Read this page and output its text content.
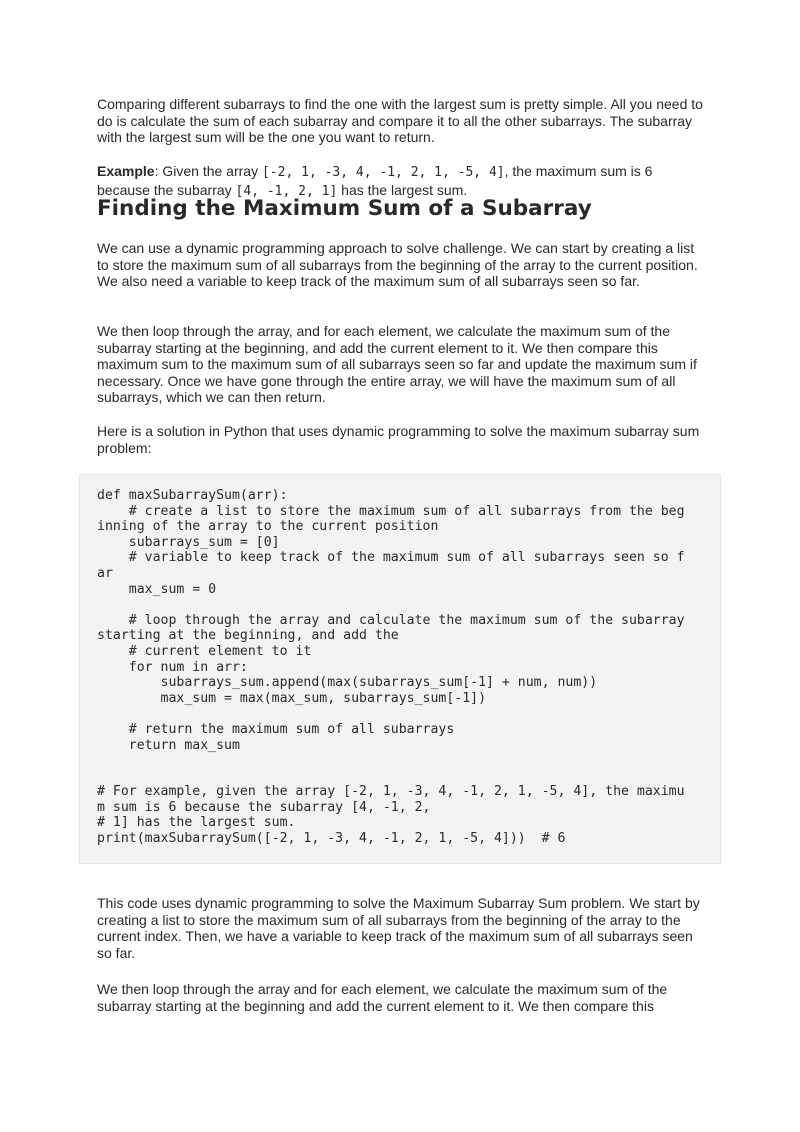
Comparing different subarrays to find the one with the largest sum is pretty simple. All you need to do is calculate the sum of each subarray and compare it to all the other subarrays. The subarray with the largest sum will be the one you want to return.

Example: Given the array [-2, 1, -3, 4, -1, 2, 1, -5, 4], the maximum sum is 6 because the subarray [4, -1, 2, 1] has the largest sum.

Finding the Maximum Sum of a Subarray

We can use a dynamic programming approach to solve challenge. We can start by creating a list to store the maximum sum of all subarrays from the beginning of the array to the current position. We also need a variable to keep track of the maximum sum of all subarrays seen so far.

We then loop through the array, and for each element, we calculate the maximum sum of the subarray starting at the beginning, and add the current element to it. We then compare this maximum sum to the maximum sum of all subarrays seen so far and update the maximum sum if necessary. Once we have gone through the entire array, we will have the maximum sum of all subarrays, which we can then return.

Here is a solution in Python that uses dynamic programming to solve the maximum subarray sum problem:

def maxSubarraySum(arr):
# create a list to store the maximum sum of all subarrays from the beg
inning of the array to the current position
subarrays_sum = [0]
# variable to keep track of the maximum sum of all subarrays seen so f
ar
max_sum = 0

# loop through the array and calculate the maximum sum of the subarray
starting at the beginning, and add the
# current element to it
for num in arr:
subarrays_sum.append(max(subarrays_sum[-1] + num, num))
max_sum = max(max_sum, subarrays_sum[-1])

# return the maximum sum of all subarrays
return max_sum

# For example, given the array [-2, 1, -3, 4, -1, 2, 1, -5, 4], the maximu
m sum is 6 because the subarray [4, -1, 2,
# 1] has the largest sum.
print(maxSubarraySum([-2, 1, -3, 4, -1, 2, 1, -5, 4]))  # 6

This code uses dynamic programming to solve the Maximum Subarray Sum problem. We start by creating a list to store the maximum sum of all subarrays from the beginning of the array to the current index. Then, we have a variable to keep track of the maximum sum of all subarrays seen so far.

We then loop through the array and for each element, we calculate the maximum sum of the subarray starting at the beginning and add the current element to it. We then compare this
